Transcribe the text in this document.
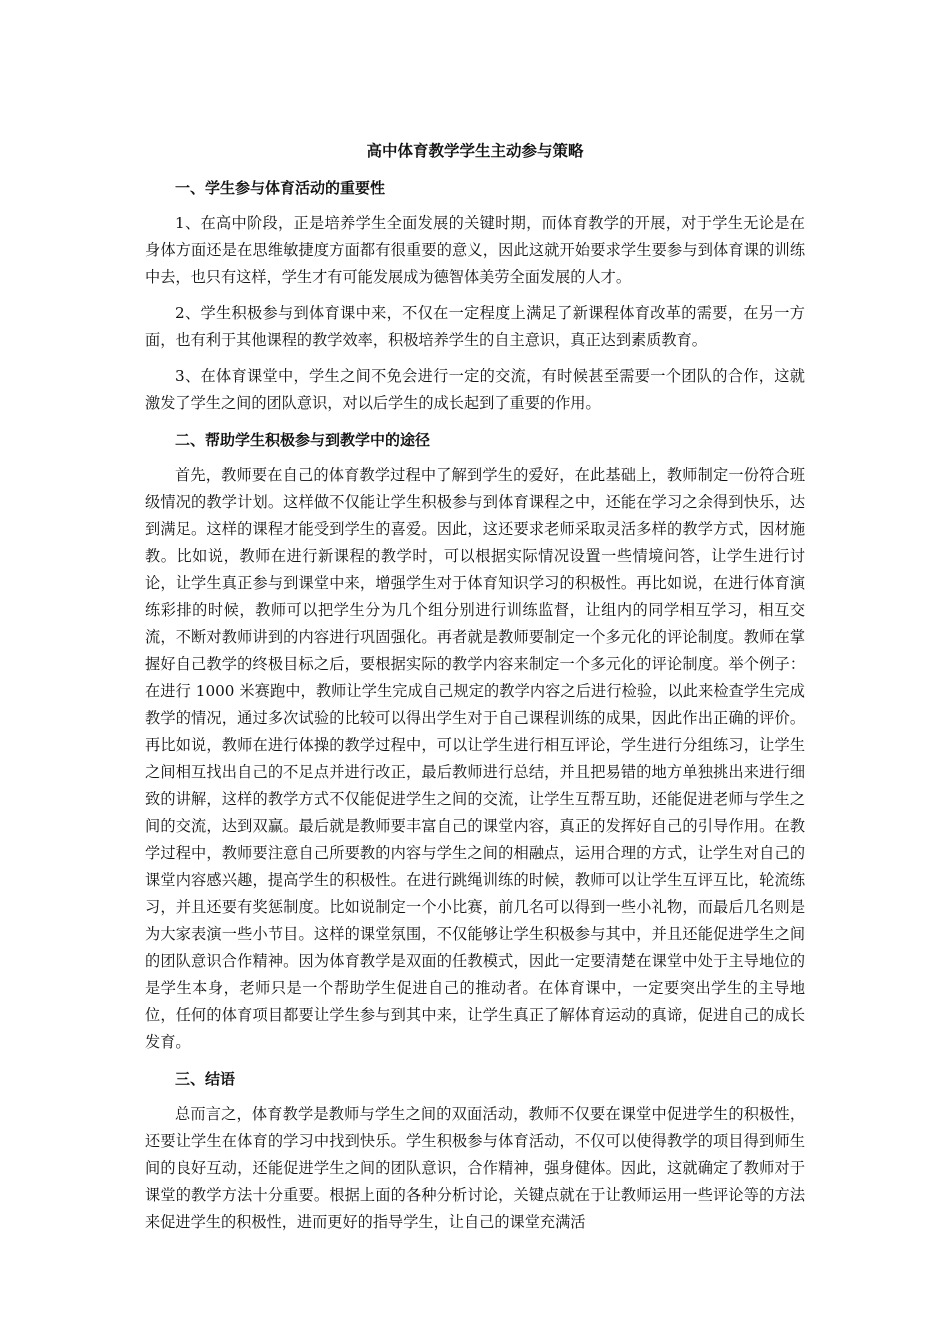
高中体育教学学生主动参与策略
一、学生参与体育活动的重要性

1、在高中阶段，正是培养学生全面发展的关键时期，而体育教学的开展，对于学生无论是在身体方面还是在思维敏捷度方面都有很重要的意义，因此这就开始要求学生要参与到体育课的训练中去，也只有这样，学生才有可能发展成为德智体美劳全面发展的人才。

2、学生积极参与到体育课中来，不仅在一定程度上满足了新课程体育改革的需要，在另一方面，也有利于其他课程的教学效率，积极培养学生的自主意识，真正达到素质教育。

3、在体育课堂中，学生之间不免会进行一定的交流，有时候甚至需要一个团队的合作，这就激发了学生之间的团队意识，对以后学生的成长起到了重要的作用。

二、帮助学生积极参与到教学中的途径

首先，教师要在自己的体育教学过程中了解到学生的爱好，在此基础上，教师制定一份符合班级情况的教学计划。这样做不仅能让学生积极参与到体育课程之中，还能在学习之余得到快乐，达到满足。这样的课程才能受到学生的喜爱。因此，这还要求老师采取灵活多样的教学方式，因材施教。比如说，教师在进行新课程的教学时，可以根据实际情况设置一些情境问答，让学生进行讨论，让学生真正参与到课堂中来，增强学生对于体育知识学习的积极性。再比如说，在进行体育演练彩排的时候，教师可以把学生分为几个组分别进行训练监督，让组内的同学相互学习，相互交流，不断对教师讲到的内容进行巩固强化。再者就是教师要制定一个多元化的评论制度。教师在掌握好自己教学的终极目标之后，要根据实际的教学内容来制定一个多元化的评论制度。举个例子：在进行 1000 米赛跑中，教师让学生完成自己规定的教学内容之后进行检验，以此来检查学生完成教学的情况，通过多次试验的比较可以得出学生对于自己课程训练的成果，因此作出正确的评价。再比如说，教师在进行体操的教学过程中，可以让学生进行相互评论，学生进行分组练习，让学生之间相互找出自己的不足点并进行改正，最后教师进行总结，并且把易错的地方单独挑出来进行细致的讲解，这样的教学方式不仅能促进学生之间的交流，让学生互帮互助，还能促进老师与学生之间的交流，达到双赢。最后就是教师要丰富自己的课堂内容，真正的发挥好自己的引导作用。在教学过程中，教师要注意自己所要教的内容与学生之间的相融点，运用合理的方式，让学生对自己的课堂内容感兴趣，提高学生的积极性。在进行跳绳训练的时候，教师可以让学生互评互比，轮流练习，并且还要有奖惩制度。比如说制定一个小比赛，前几名可以得到一些小礼物，而最后几名则是为大家表演一些小节目。这样的课堂氛围，不仅能够让学生积极参与其中，并且还能促进学生之间的团队意识合作精神。因为体育教学是双面的任教模式，因此一定要清楚在课堂中处于主导地位的是学生本身，老师只是一个帮助学生促进自己的推动者。在体育课中，一定要突出学生的主导地位，任何的体育项目都要让学生参与到其中来，让学生真正了解体育运动的真谛，促进自己的成长发育。

三、结语

总而言之，体育教学是教师与学生之间的双面活动，教师不仅要在课堂中促进学生的积极性，还要让学生在体育的学习中找到快乐。学生积极参与体育活动，不仅可以使得教学的项目得到师生间的良好互动，还能促进学生之间的团队意识，合作精神，强身健体。因此，这就确定了教师对于课堂的教学方法十分重要。根据上面的各种分析讨论，关键点就在于让教师运用一些评论等的方法来促进学生的积极性，进而更好的指导学生，让自己的课堂充满活
